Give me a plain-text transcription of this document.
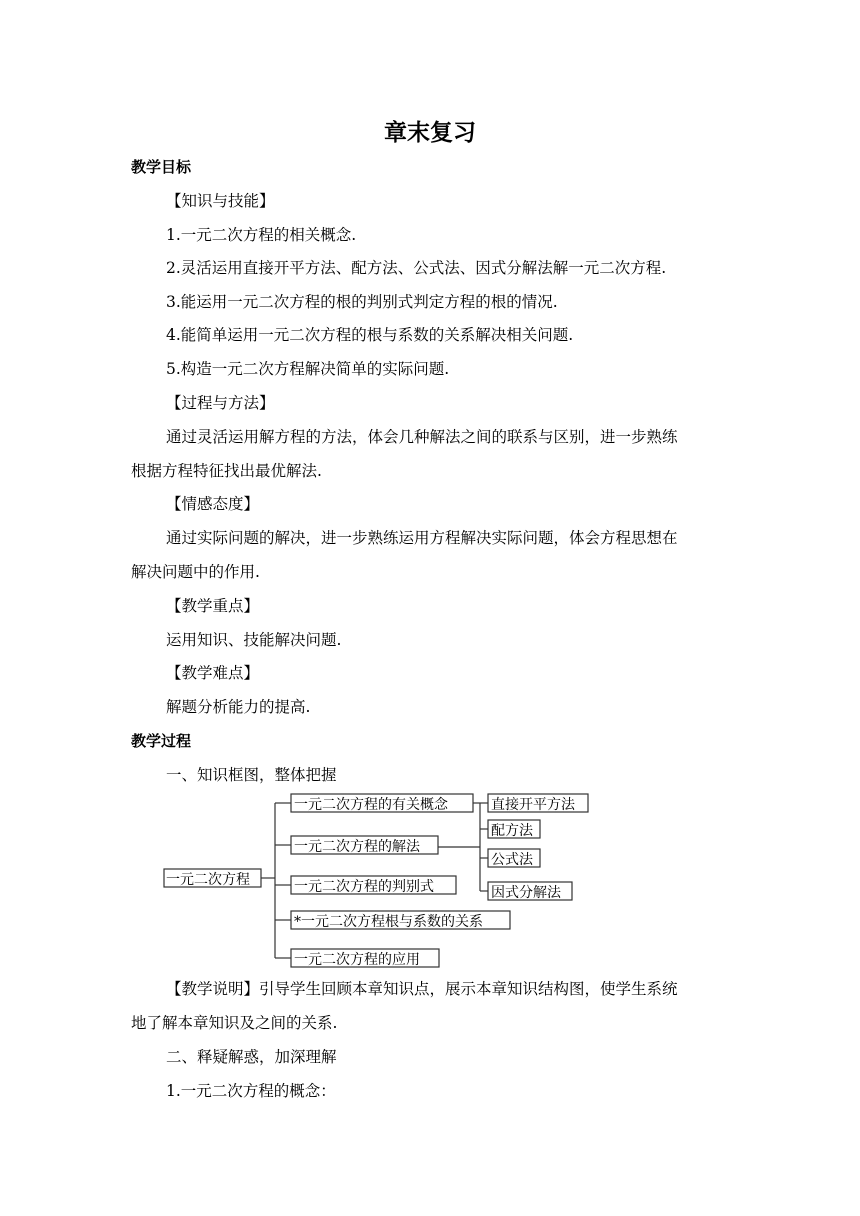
章末复习
教学目标
【知识与技能】
1.一元二次方程的相关概念.
2.灵活运用直接开平方法、配方法、公式法、因式分解法解一元二次方程.
3.能运用一元二次方程的根的判别式判定方程的根的情况.
4.能简单运用一元二次方程的根与系数的关系解决相关问题.
5.构造一元二次方程解决简单的实际问题.
【过程与方法】
通过灵活运用解方程的方法，体会几种解法之间的联系与区别，进一步熟练
根据方程特征找出最优解法.
【情感态度】
通过实际问题的解决，进一步熟练运用方程解决实际问题，体会方程思想在
解决问题中的作用.
【教学重点】
运用知识、技能解决问题.
【教学难点】
解题分析能力的提高.
教学过程
一、知识框图，整体把握
一元二次方程
一元二次方程的有关概念
一元二次方程的解法
一元二次方程的判别式
*一元二次方程根与系数的关系
一元二次方程的应用
直接开平方法
配方法
公式法
因式分解法
【教学说明】引导学生回顾本章知识点，展示本章知识结构图，使学生系统
地了解本章知识及之间的关系.
二、释疑解惑，加深理解
1.一元二次方程的概念：
